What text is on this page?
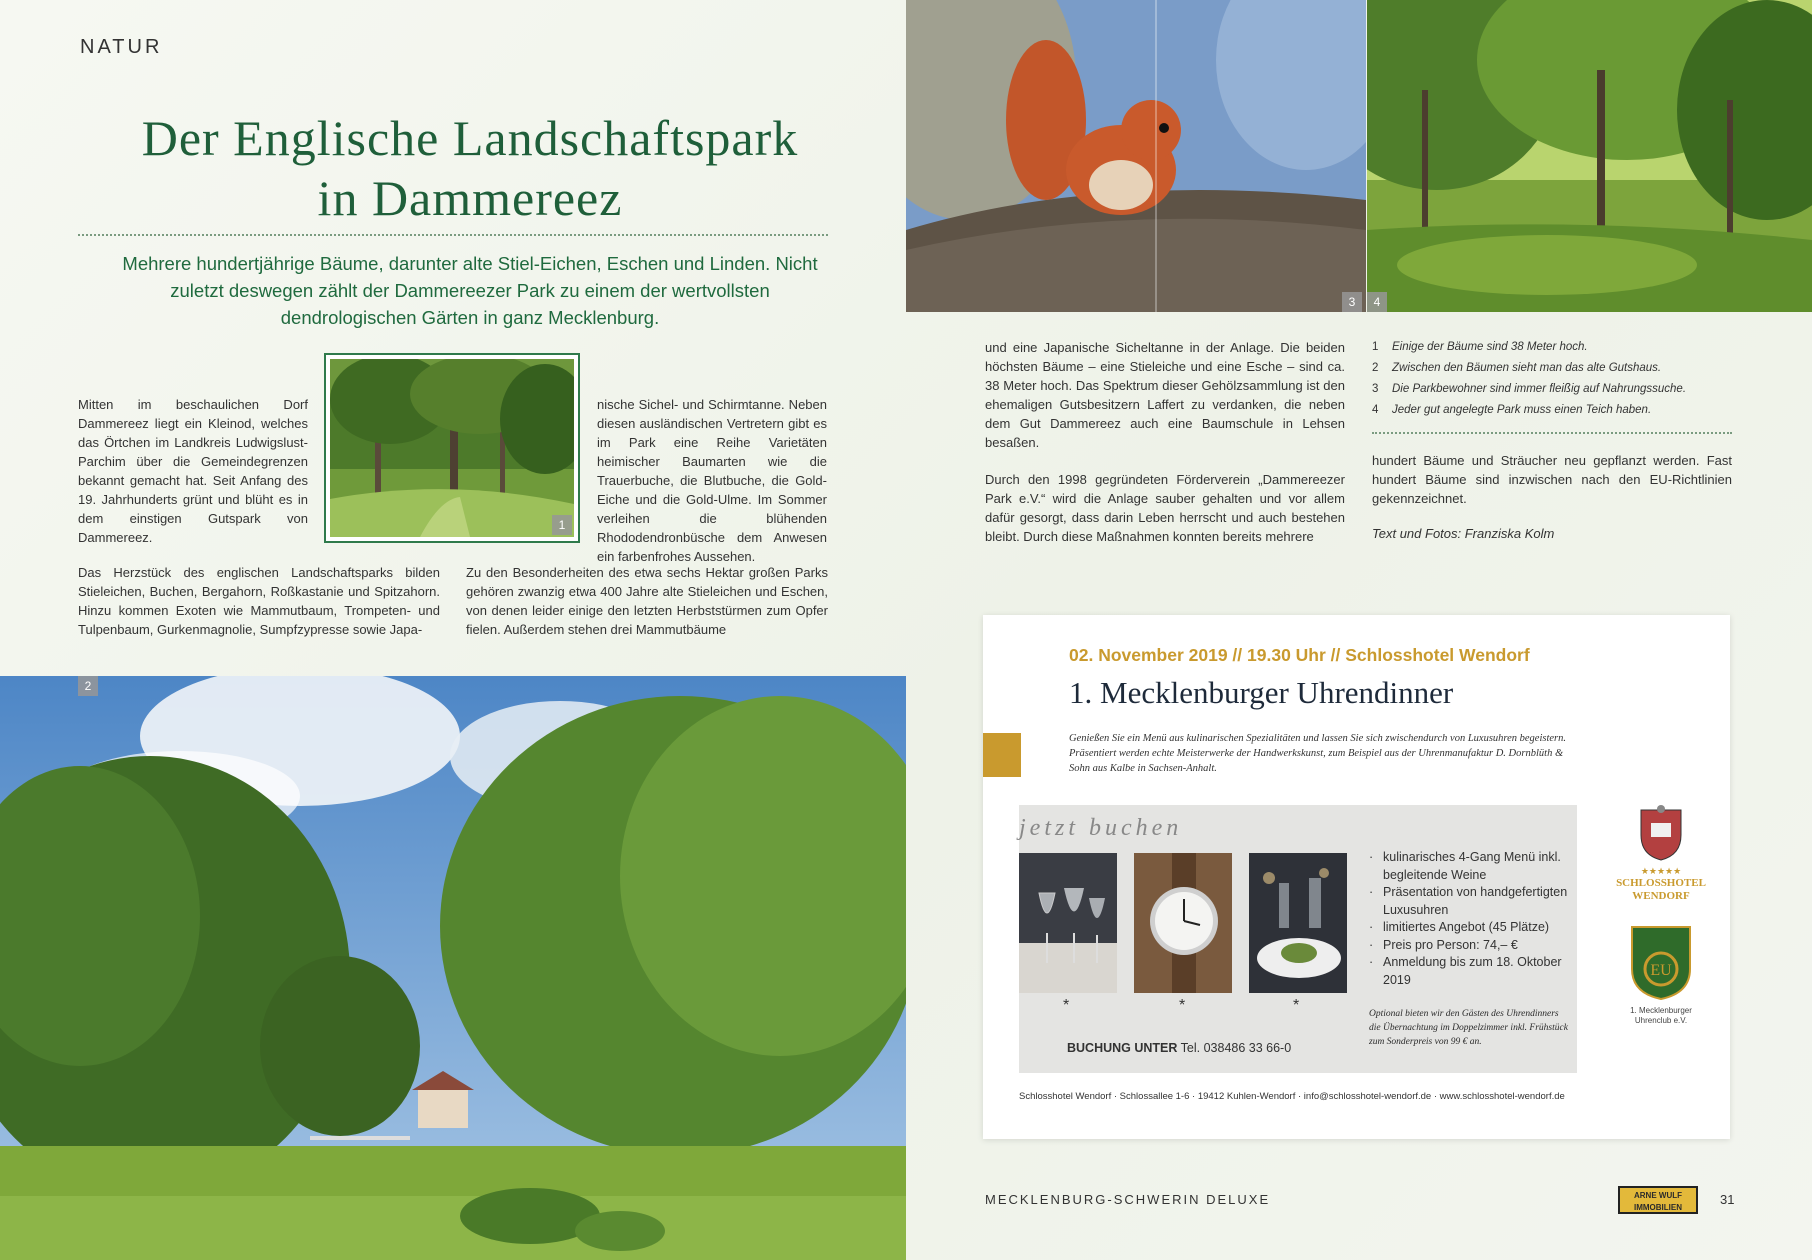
NATUR
Der Englische Landschaftspark
in Dammereez
Mehrere hundertjährige Bäume, darunter alte Stiel-Eichen, Eschen und Linden. Nicht zuletzt deswegen zählt der Dammereezer Park zu einem der wertvollsten dendrologischen Gärten in ganz Mecklenburg.
1
Mitten im beschaulichen Dorf Dammereez liegt ein Kleinod, welches das Örtchen im Landkreis Ludwigslust-Parchim über die Gemeindegrenzen bekannt gemacht hat. Seit Anfang des 19. Jahrhunderts grünt und blüht es in dem einstigen Gutspark von Dammereez.
nische Sichel- und Schirmtanne. Neben diesen ausländischen Vertretern gibt es im Park eine Reihe Varietäten heimischer Baumarten wie die Trauerbuche, die Blutbuche, die Gold-Eiche und die Gold-Ulme. Im Sommer verleihen die blühenden Rhododendronbüsche dem Anwesen ein farbenfrohes Aussehen.
Das Herzstück des englischen Landschaftsparks bilden Stieleichen, Buchen, Bergahorn, Roßkastanie und Spitzahorn. Hinzu kommen Exoten wie Mammutbaum, Trompeten- und Tulpenbaum, Gurkenmagnolie, Sumpfzypresse sowie Japa-
Zu den Besonderheiten des etwa sechs Hektar großen Parks gehören zwanzig etwa 400 Jahre alte Stieleichen und Eschen, von denen leider einige den letzten Herbststürmen zum Opfer fielen. Außerdem stehen drei Mammutbäume
2
3	4
und eine Japanische Sicheltanne in der Anlage. Die beiden höchsten Bäume – eine Stieleiche und eine Esche – sind ca. 38 Meter hoch. Das Spektrum dieser Gehölzsammlung ist den ehemaligen Gutsbesitzern Laffert zu verdanken, die neben dem Gut Dammereez auch eine Baumschule in Lehsen besaßen.
Durch den 1998 gegründeten Förderverein „Dammereezer Park e.V.“ wird die Anlage sauber gehalten und vor allem dafür gesorgt, dass darin Leben herrscht und auch bestehen bleibt. Durch diese Maßnahmen konnten bereits mehrere
1 Einige der Bäume sind 38 Meter hoch.
2 Zwischen den Bäumen sieht man das alte Gutshaus.
3 Die Parkbewohner sind immer fleißig auf Nahrungssuche.
4 Jeder gut angelegte Park muss einen Teich haben.
hundert Bäume und Sträucher neu gepflanzt werden. Fast hundert Bäume sind inzwischen nach den EU-Richtlinien gekennzeichnet.
Text und Fotos: Franziska Kolm
02. November 2019 // 19.30 Uhr // Schlosshotel Wendorf
1. Mecklenburger Uhrendinner
Genießen Sie ein Menü aus kulinarischen Spezialitäten und lassen Sie sich zwischendurch von Luxusuhren begeistern. Präsentiert werden echte Meisterwerke der Handwerkskunst, zum Beispiel aus der Uhrenmanufaktur D. Dornblüth & Sohn aus Kalbe in Sachsen-Anhalt.
jetzt buchen
*	*	*
· kulinarisches 4-Gang Menü inkl. begleitende Weine
· Präsentation von handgefertigten Luxusuhren
· limitiertes Angebot (45 Plätze)
· Preis pro Person: 74,– €
· Anmeldung bis zum 18. Oktober 2019
Optional bieten wir den Gästen des Uhrendinners die Übernachtung im Doppelzimmer inkl. Frühstück zum Sonderpreis von 99 € an.
BUCHUNG UNTER Tel. 038486 33 66-0
★★★★★
SCHLOSSHOTEL WENDORF
EU
1. Mecklenburger Uhrenclub e.V.
Schlosshotel Wendorf · Schlossallee 1-6 · 19412 Kuhlen-Wendorf · info@schlosshotel-wendorf.de · www.schlosshotel-wendorf.de
MECKLENBURG-SCHWERIN DELUXE	ARNE WULF IMMOBILIEN
31
